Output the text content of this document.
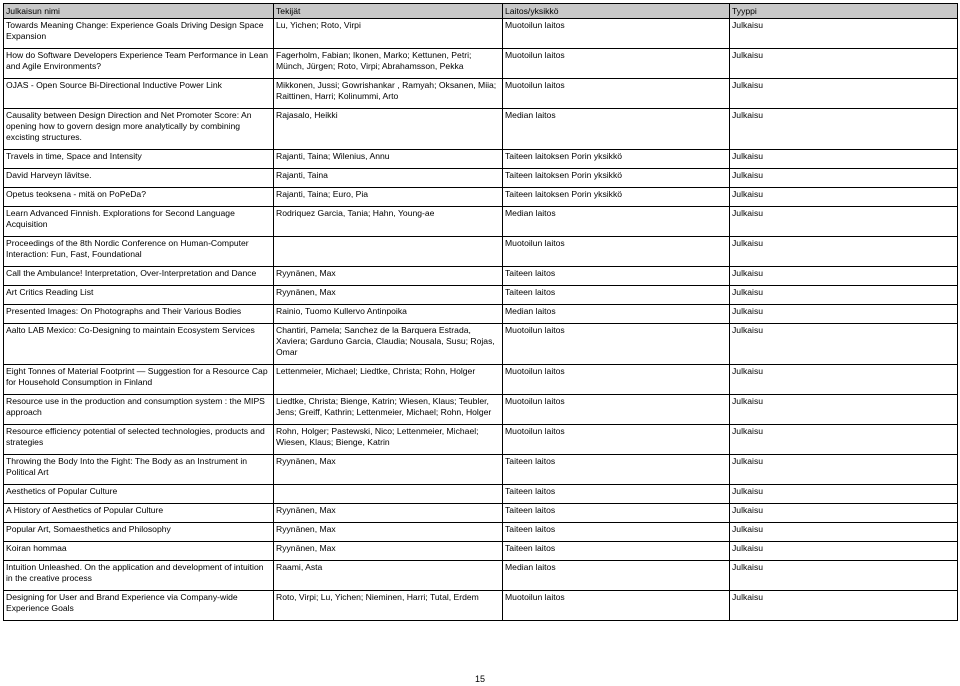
Julkaisun nimi	Tekijät	Laitos/yksikkö	Tyyppi
Towards Meaning Change: Experience Goals Driving Design Space Expansion	Lu, Yichen; Roto, Virpi	Muotoilun laitos	Julkaisu

How do Software Developers Experience Team Performance in Lean and Agile Environments?	Fagerholm, Fabian; Ikonen, Marko; Kettunen, Petri; Münch, Jürgen; Roto, Virpi; Abrahamsson, Pekka	Muotoilun laitos	Julkaisu

OJAS - Open Source Bi-Directional Inductive Power Link	Mikkonen, Jussi; Gowrishankar , Ramyah; Oksanen, Miia; Raittinen, Harri; Kolinummi, Arto	Muotoilun laitos	Julkaisu

Causality between Design Direction and Net Promoter Score: An opening how to govern design more analytically by combining excisting structures.	Rajasalo, Heikki	Median laitos	Julkaisu

Travels in time, Space and Intensity	Rajanti, Taina; Wilenius, Annu	Taiteen laitoksen Porin yksikkö	Julkaisu

David Harveyn lävitse.	Rajanti, Taina	Taiteen laitoksen Porin yksikkö	Julkaisu

Opetus teoksena - mitä on PoPeDa?	Rajanti, Taina; Euro, Pia	Taiteen laitoksen Porin yksikkö	Julkaisu

Learn Advanced Finnish. Explorations for Second Language Acquisition	Rodriquez Garcia, Tania; Hahn, Young-ae	Median laitos	Julkaisu

Proceedings of the 8th Nordic Conference on Human-Computer Interaction: Fun, Fast, Foundational		Muotoilun laitos	Julkaisu

Call the Ambulance! Interpretation, Over-Interpretation and Dance	Ryynänen, Max	Taiteen laitos	Julkaisu

Art Critics Reading List	Ryynänen, Max	Taiteen laitos	Julkaisu

Presented Images: On Photographs and Their Various Bodies	Rainio, Tuomo Kullervo Antinpoika	Median laitos	Julkaisu

Aalto LAB Mexico: Co-Designing to maintain Ecosystem Services	Chantiri, Pamela; Sanchez de la Barquera Estrada, Xaviera; Garduno Garcia, Claudia; Nousala, Susu; Rojas, Omar	Muotoilun laitos	Julkaisu

Eight Tonnes of Material Footprint — Suggestion for a Resource Cap for Household Consumption in Finland	Lettenmeier, Michael; Liedtke, Christa; Rohn, Holger	Muotoilun laitos	Julkaisu

Resource use in the production and consumption system : the MIPS approach	Liedtke, Christa; Bienge, Katrin; Wiesen, Klaus; Teubler, Jens; Greiff, Kathrin; Lettenmeier, Michael; Rohn, Holger	Muotoilun laitos	Julkaisu

Resource efficiency potential of selected technologies, products and strategies	Rohn, Holger; Pastewski, Nico; Lettenmeier, Michael; Wiesen, Klaus; Bienge, Katrin	Muotoilun laitos	Julkaisu

Throwing the Body Into the Fight: The Body as an Instrument in Political Art	Ryynänen, Max	Taiteen laitos	Julkaisu

Aesthetics of Popular Culture		Taiteen laitos	Julkaisu

A History of Aesthetics of Popular Culture	Ryynänen, Max	Taiteen laitos	Julkaisu

Popular Art, Somaesthetics and Philosophy	Ryynänen, Max	Taiteen laitos	Julkaisu

Koiran hommaa	Ryynänen, Max	Taiteen laitos	Julkaisu

Intuition Unleashed. On the application and development of intuition in the creative process	Raami, Asta	Median laitos	Julkaisu

Designing for User and Brand Experience via Company-wide Experience Goals	Roto, Virpi; Lu, Yichen; Nieminen, Harri; Tutal, Erdem	Muotoilun laitos	Julkaisu

15
